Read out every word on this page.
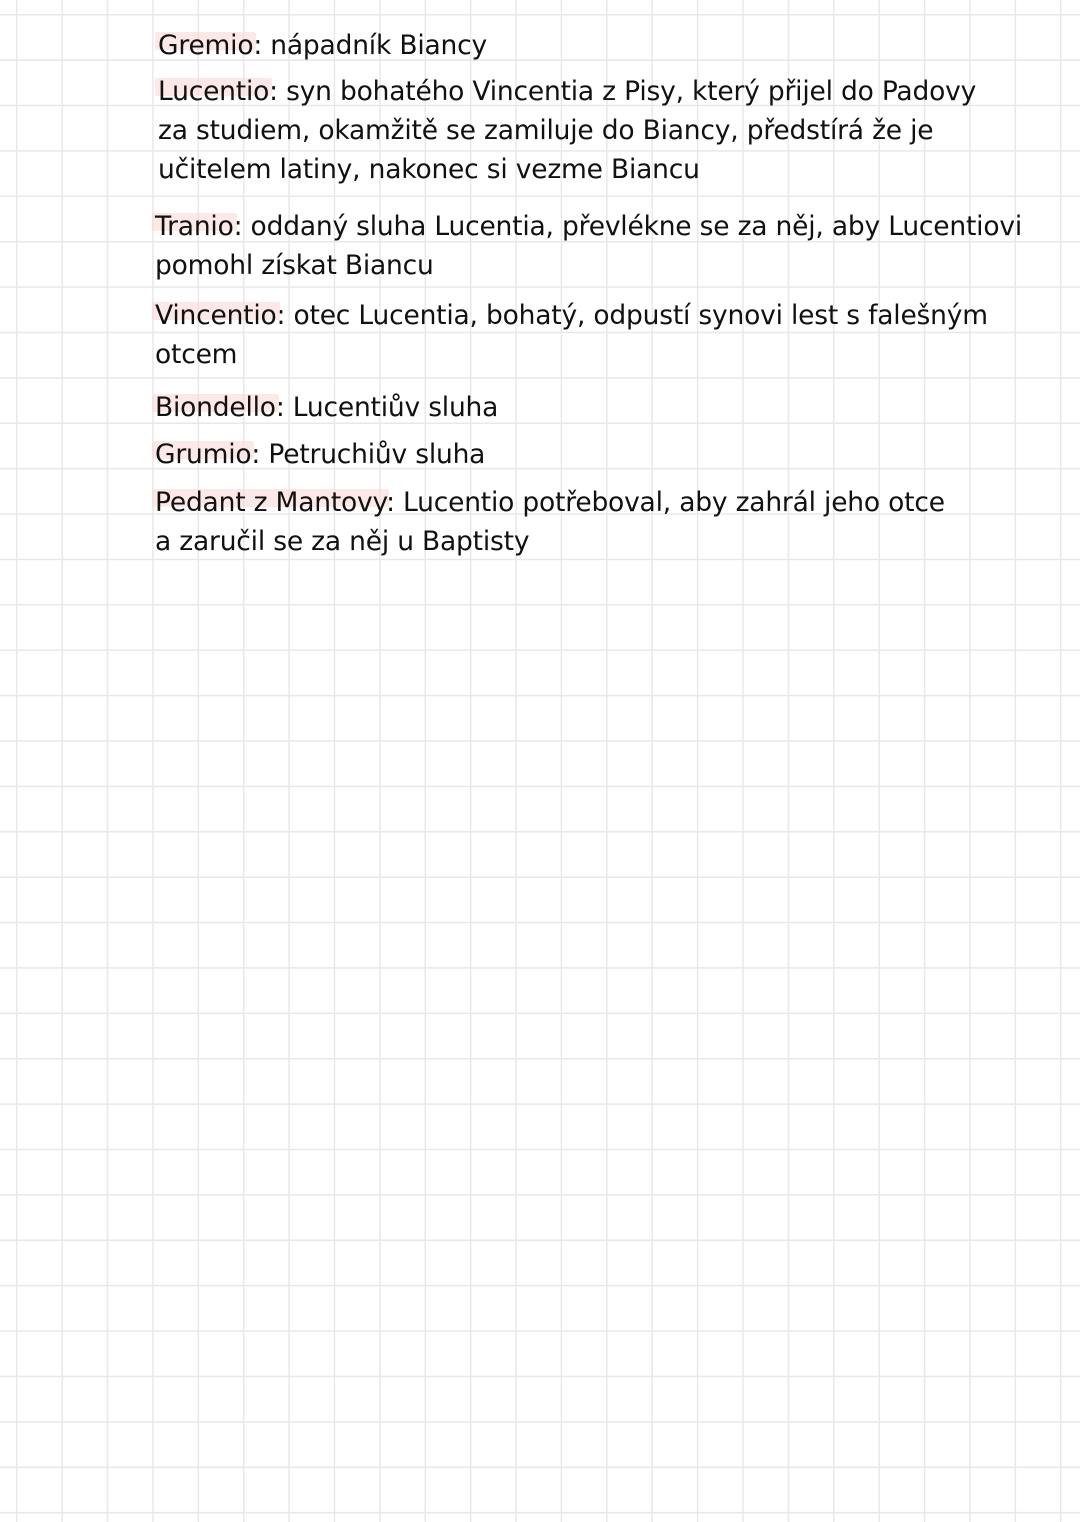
Gremio: nápadník Biancy

Lucentio: syn bohatého Vincentia z Pisy, který přijel do Padovy

za studiem, okamžitě se zamiluje do Biancy, předstírá že je

učitelem latiny, nakonec si vezme Biancu

Tranio: oddaný sluha Lucentia, převlékne se za něj, aby Lucentiovi

pomohl získat Biancu

Vincentio: otec Lucentia, bohatý, odpustí synovi lest s falešným

otcem

Biondello: Lucentiův sluha

Grumio: Petruchiův sluha

Pedant z Mantovy: Lucentio potřeboval, aby zahrál jeho otce

a zaručil se za něj u Baptisty
